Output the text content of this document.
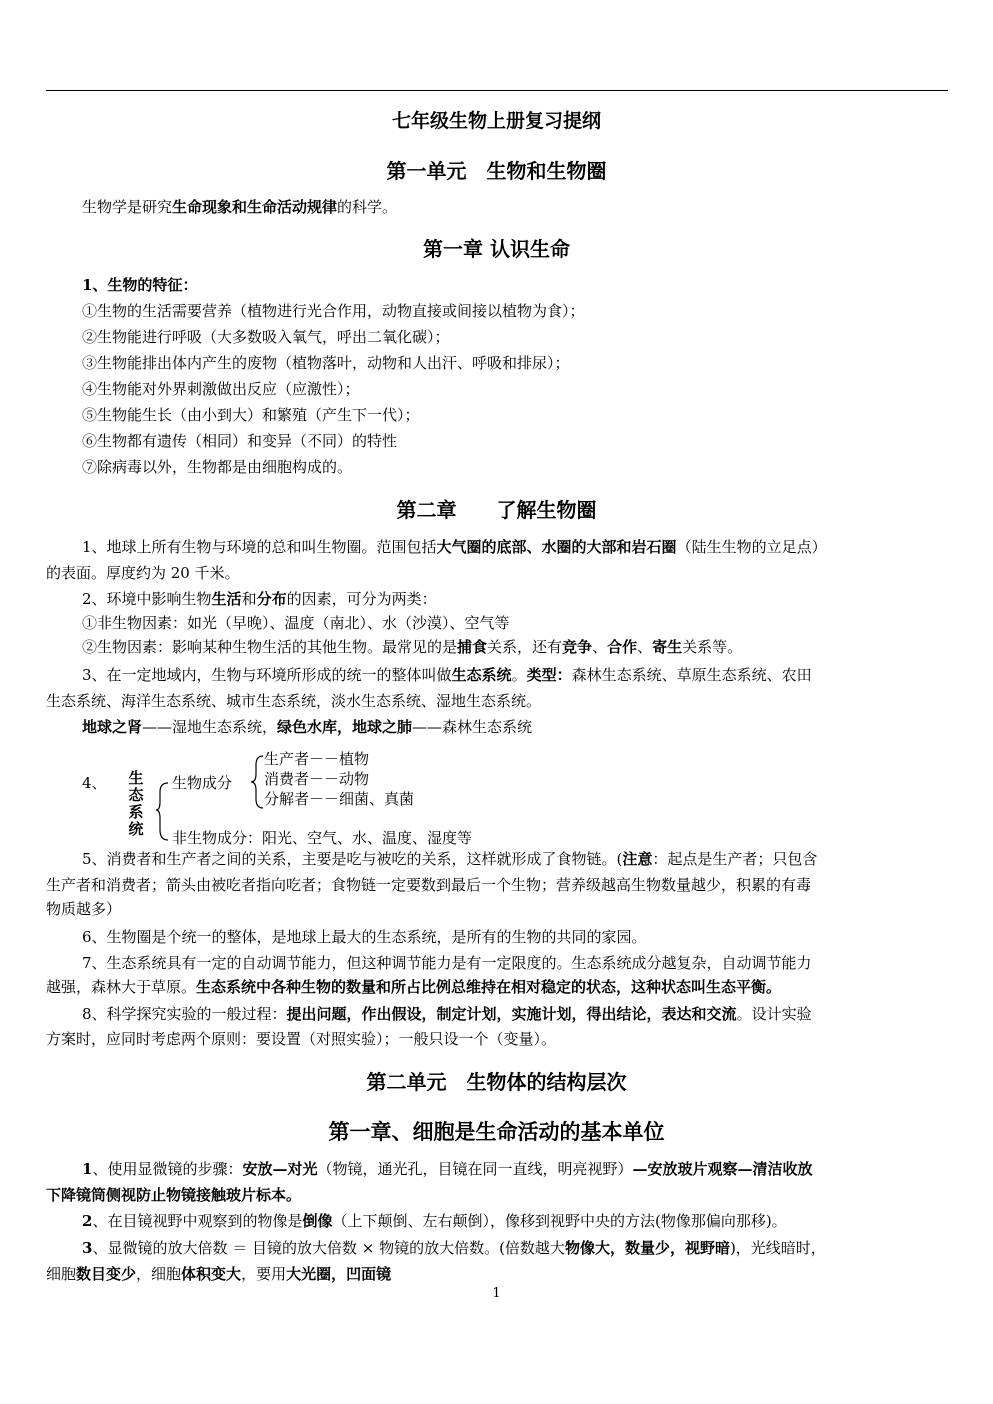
七年级生物上册复习提纲
第一单元　生物和生物圈
生物学是研究生命现象和生命活动规律的科学。
第一章 认识生命
1、生物的特征：
①生物的生活需要营养（植物进行光合作用，动物直接或间接以植物为食）；
②生物能进行呼吸（大多数吸入氧气，呼出二氧化碳）；
③生物能排出体内产生的废物（植物落叶，动物和人出汗、呼吸和排尿）；
④生物能对外界刺激做出反应（应激性）；
⑤生物能生长（由小到大）和繁殖（产生下一代）；
⑥生物都有遗传（相同）和变异（不同）的特性
⑦除病毒以外，生物都是由细胞构成的。
第二章　　了解生物圈
1、地球上所有生物与环境的总和叫生物圈。范围包括大气圈的底部、水圈的大部和岩石圈（陆生生物的立足点）
的表面。厚度约为 20 千米。
2、环境中影响生物生活和分布的因素，可分为两类：
①非生物因素：如光（早晚）、温度（南北）、水（沙漠）、空气等
②生物因素：影响某种生物生活的其他生物。最常见的是捕食关系，还有竞争、合作、寄生关系等。
3、在一定地域内，生物与环境所形成的统一的整体叫做生态系统。类型：森林生态系统、草原生态系统、农田
生态系统、海洋生态系统、城市生态系统，淡水生态系统、湿地生态系统。
地球之肾——湿地生态系统，绿色水库，地球之肺——森林生态系统
4、 生态系统
生物成分
生产者－－植物
消费者－－动物
分解者－－细菌、真菌
非生物成分：阳光、空气、水、温度、湿度等
5、消费者和生产者之间的关系，主要是吃与被吃的关系，这样就形成了食物链。(注意：起点是生产者；只包含
生产者和消费者；箭头由被吃者指向吃者；食物链一定要数到最后一个生物；营养级越高生物数量越少，积累的有毒
物质越多）
6、生物圈是个统一的整体，是地球上最大的生态系统，是所有的生物的共同的家园。
7、生态系统具有一定的自动调节能力，但这种调节能力是有一定限度的。生态系统成分越复杂，自动调节能力
越强，森林大于草原。生态系统中各种生物的数量和所占比例总维持在相对稳定的状态，这种状态叫生态平衡。
8、科学探究实验的一般过程：提出问题，作出假设，制定计划，实施计划，得出结论，表达和交流。设计实验
方案时，应同时考虑两个原则：要设置（对照实验）；一般只设一个（变量）。
第二单元　生物体的结构层次
第一章、细胞是生命活动的基本单位
1、使用显微镜的步骤：安放—对光（物镜，通光孔，目镜在同一直线，明亮视野）—安放玻片观察—清洁收放
下降镜筒侧视防止物镜接触玻片标本。
2、在目镜视野中观察到的物像是倒像（上下颠倒、左右颠倒），像移到视野中央的方法(物像那偏向那移)。
3、显微镜的放大倍数 ＝ 目镜的放大倍数 × 物镜的放大倍数。(倍数越大物像大，数量少，视野暗)，光线暗时，
细胞数目变少，细胞体积变大，要用大光圈，凹面镜
1
